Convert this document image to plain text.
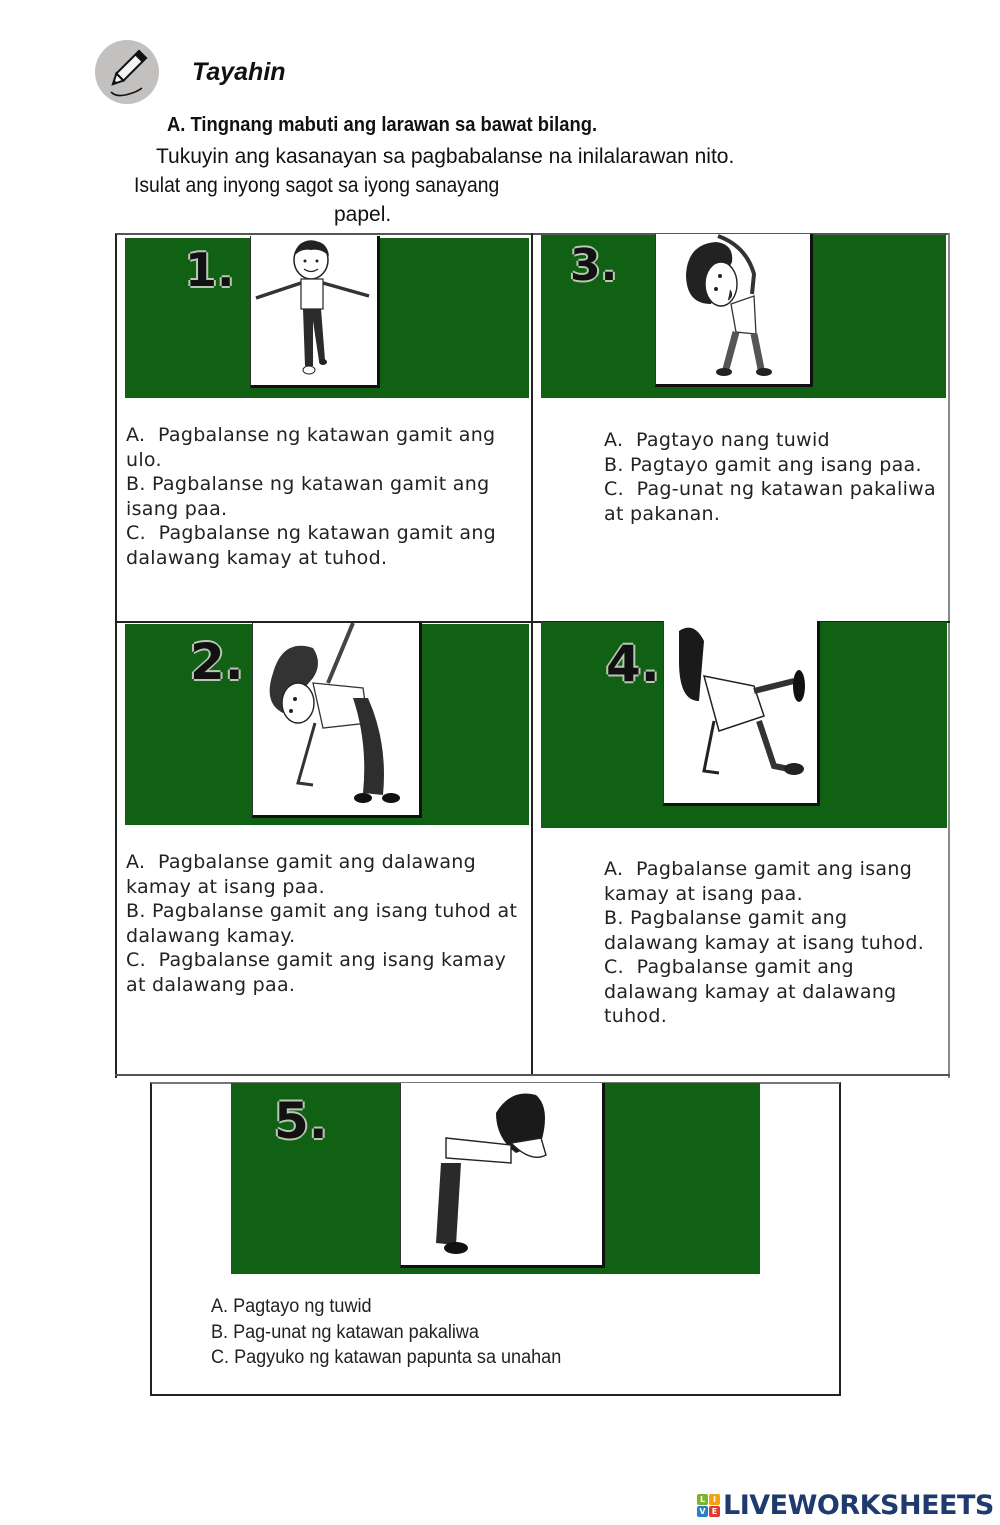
Tayahin
A. Tingnang mabuti ang larawan sa bawat bilang.
Tukuyin ang kasanayan sa pagbabalanse na inilalarawan nito.
Isulat ang inyong sagot sa iyong sanayang
papel.
1.
A.  Pagbalanse ng katawan gamit ang ulo.
B. Pagbalanse ng katawan gamit ang isang paa.
C.  Pagbalanse ng katawan gamit ang dalawang kamay at tuhod.
3.
A.  Pagtayo nang tuwid
B. Pagtayo gamit ang isang paa.
C.  Pag-unat ng katawan pakaliwa at pakanan.
2.
A.  Pagbalanse gamit ang dalawang kamay at isang paa.
B. Pagbalanse gamit ang isang tuhod at dalawang kamay.
C.  Pagbalanse gamit ang isang kamay at dalawang paa.
4.
A.  Pagbalanse gamit ang isang kamay at isang paa.
B. Pagbalanse gamit ang dalawang kamay at isang tuhod.
C.  Pagbalanse gamit ang dalawang kamay at dalawang tuhod.
5.
A. Pagtayo ng tuwid
B. Pag-unat ng katawan pakaliwa
C. Pagyuko ng katawan papunta sa unahan
L I
V E LIVEWORKSHEETS
